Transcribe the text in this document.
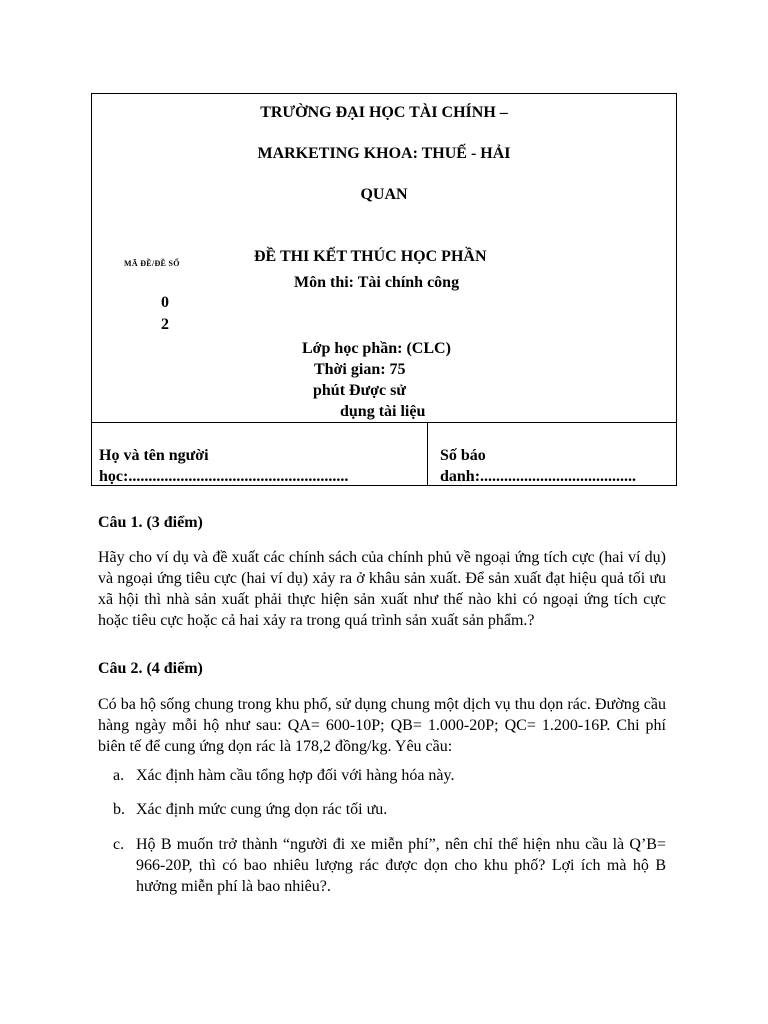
TRƯỜNG ĐẠI HỌC TÀI CHÍNH –
MARKETING KHOA: THUẾ - HẢI
QUAN
MÃ ĐỀ/ĐỀ SỐ
0
2
ĐỀ THI KẾT THÚC HỌC PHẦN
Môn thi: Tài chính công
Lớp học phần: (CLC)
Thời gian: 75
phút Được sử
dụng tài liệu
Họ và tên người
học:.......................................................
Số báo
danh:.......................................
Câu 1. (3 điểm)
Hãy cho ví dụ và đề xuất các chính sách của chính phủ về ngoại ứng tích cực (hai ví dụ) và ngoại ứng tiêu cực (hai ví dụ) xảy ra ở khâu sản xuất. Để sản xuất đạt hiệu quả tối ưu xã hội thì nhà sản xuất phải thực hiện sản xuất như thế nào khi có ngoại ứng tích cực hoặc tiêu cực hoặc cả hai xảy ra trong quá trình sản xuất sản phẩm.?
Câu 2. (4 điểm)
Có ba hộ sống chung trong khu phố, sử dụng chung một dịch vụ thu dọn rác. Đường cầu hàng ngày mỗi hộ như sau: QA= 600-10P; QB= 1.000-20P; QC= 1.200-16P. Chi phí biên tế để cung ứng dọn rác là 178,2 đồng/kg. Yêu cầu:
a. Xác định hàm cầu tổng hợp đối với hàng hóa này.
b. Xác định mức cung ứng dọn rác tối ưu.
c. Hộ B muốn trở thành “người đi xe miễn phí”, nên chỉ thể hiện nhu cầu là Q’B= 966-20P, thì có bao nhiêu lượng rác được dọn cho khu phố? Lợi ích mà hộ B hưởng miễn phí là bao nhiêu?.
